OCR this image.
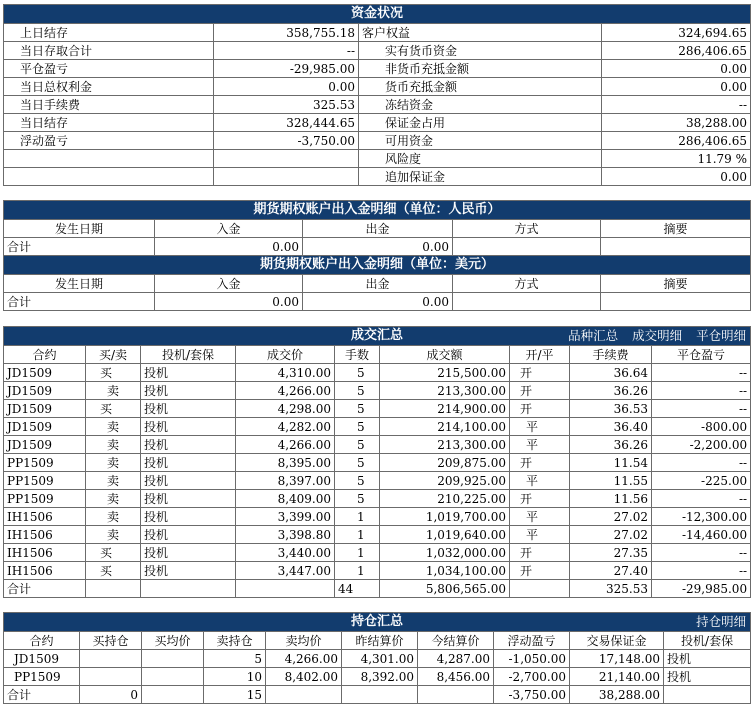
资金状况			
上日结存	358,755.18	客户权益	324,694.65
当日存取合计	--	实有货币资金	286,406.65
平仓盈亏	-29,985.00	非货币充抵金额	0.00
当日总权利金	0.00	货币充抵金额	0.00
当日手续费	325.53	冻结资金	--
当日结存	328,444.65	保证金占用	38,288.00
浮动盈亏	-3,750.00	可用资金	286,406.65
		风险度	11.79 %
		追加保证金	0.00
期货期权账户出入金明细（单位：人民币）				
发生日期	入金	出金	方式	摘要
合计	0.00	0.00		
期货期权账户出入金明细（单位：美元）				
发生日期	入金	出金	方式	摘要
合计	0.00	0.00		
成交汇总 品种汇总 成交明细 平仓明细								

合约	买/卖	投机/套保	成交价	手数	成交额	开/平	手续费	平仓盈亏
JD1509	买	投机	4,310.00	5	215,500.00	开	36.64	--
JD1509	卖	投机	4,266.00	5	213,300.00	开	36.26	--
JD1509	买	投机	4,298.00	5	214,900.00	开	36.53	--
JD1509	卖	投机	4,282.00	5	214,100.00	平	36.40	-800.00
JD1509	卖	投机	4,266.00	5	213,300.00	平	36.26	-2,200.00
PP1509	卖	投机	8,395.00	5	209,875.00	开	11.54	--
PP1509	卖	投机	8,397.00	5	209,925.00	平	11.55	-225.00
PP1509	卖	投机	8,409.00	5	210,225.00	开	11.56	--
IH1506	卖	投机	3,399.00	1	1,019,700.00	平	27.02	-12,300.00
IH1506	卖	投机	3,398.80	1	1,019,640.00	平	27.02	-14,460.00
IH1506	买	投机	3,440.00	1	1,032,000.00	开	27.35	--
IH1506	买	投机	3,447.00	1	1,034,100.00	开	27.40	--
合计				44	5,806,565.00		325.53	-29,985.00
持仓汇总 持仓明细									

合约	买持仓	买均价	卖持仓	卖均价	昨结算价	今结算价	浮动盈亏	交易保证金	投机/套保
JD1509			5	4,266.00	4,301.00	4,287.00	-1,050.00	17,148.00	投机
PP1509			10	8,402.00	8,392.00	8,456.00	-2,700.00	21,140.00	投机
合计	0		15				-3,750.00	38,288.00	
